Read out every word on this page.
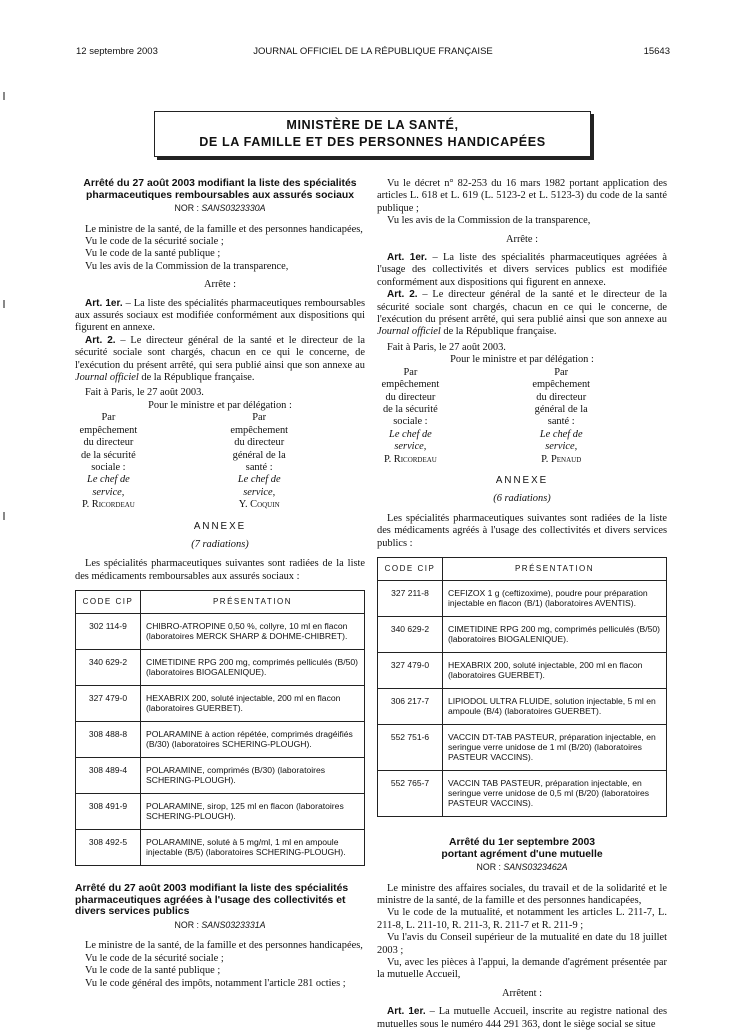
12 septembre 2003	JOURNAL OFFICIEL DE LA RÉPUBLIQUE FRANÇAISE	15643
MINISTÈRE DE LA SANTÉ,
DE LA FAMILLE ET DES PERSONNES HANDICAPÉES

Arrêté du 27 août 2003 modifiant la liste des spécialités pharmaceutiques remboursables aux assurés sociaux

NOR : SANS0323330A

Le ministre de la santé, de la famille et des personnes handicapées,

Vu le code de la sécurité sociale ;

Vu le code de la santé publique ;

Vu les avis de la Commission de la transparence,

Arrête :

Art. 1er. – La liste des spécialités pharmaceutiques remboursables aux assurés sociaux est modifiée conformément aux dispositions qui figurent en annexe.

Art. 2. – Le directeur général de la santé et le directeur de la sécurité sociale sont chargés, chacun en ce qui le concerne, de l'exécution du présent arrêté, qui sera publié ainsi que son annexe au Journal officiel de la République française.

Fait à Paris, le 27 août 2003.

Pour le ministre et par délégation :

Par empêchement du directeur
de la sécurité sociale :
Le chef de service,
P. Ricordeau
Par empêchement
du directeur général de la santé :
Le chef de service,
Y. Coquin
ANNEXE
(7 radiations)

Les spécialités pharmaceutiques suivantes sont radiées de la liste des médicaments remboursables aux assurés sociaux :

CODE CIP	PRÉSENTATION
302 114-9	CHIBRO-ATROPINE 0,50 %, collyre, 10 ml en flacon (laboratoires MERCK SHARP & DOHME-CHIBRET).
340 629-2	CIMETIDINE RPG 200 mg, comprimés pelliculés (B/50) (laboratoires BIOGALENIQUE).
327 479-0	HEXABRIX 200, soluté injectable, 200 ml en flacon (laboratoires GUERBET).
308 488-8	POLARAMINE à action répétée, comprimés dragéifiés (B/30) (laboratoires SCHERING-PLOUGH).
308 489-4	POLARAMINE, comprimés (B/30) (laboratoires SCHERING-PLOUGH).
308 491-9	POLARAMINE, sirop, 125 ml en flacon (laboratoires SCHERING-PLOUGH).
308 492-5	POLARAMINE, soluté à 5 mg/ml, 1 ml en ampoule injectable (B/5) (laboratoires SCHERING-PLOUGH).

Arrêté du 27 août 2003 modifiant la liste des spécialités pharmaceutiques agréées à l'usage des collectivités et divers services publics

NOR : SANS0323331A

Le ministre de la santé, de la famille et des personnes handicapées,

Vu le code de la sécurité sociale ;

Vu le code de la santé publique ;

Vu le code général des impôts, notamment l'article 281 octies ;

Vu le décret n° 82-253 du 16 mars 1982 portant application des articles L. 618 et L. 619 (L. 5123-2 et L. 5123-3) du code de la santé publique ;

Vu les avis de la Commission de la transparence,

Arrête :

Art. 1er. – La liste des spécialités pharmaceutiques agréées à l'usage des collectivités et divers services publics est modifiée conformément aux dispositions qui figurent en annexe.

Art. 2. – Le directeur général de la santé et le directeur de la sécurité sociale sont chargés, chacun en ce qui le concerne, de l'exécution du présent arrêté, qui sera publié ainsi que son annexe au Journal officiel de la République française.

Fait à Paris, le 27 août 2003.

Pour le ministre et par délégation :

Par empêchement du directeur
de la sécurité sociale :
Le chef de service,
P. Ricordeau
Par empêchement
du directeur général de la santé :
Le chef de service,
P. Penaud
ANNEXE
(6 radiations)

Les spécialités pharmaceutiques suivantes sont radiées de la liste des médicaments agréés à l'usage des collectivités et divers services publics :

CODE CIP	PRÉSENTATION
327 211-8	CEFIZOX 1 g (ceftizoxime), poudre pour préparation injectable en flacon (B/1) (laboratoires AVENTIS).
340 629-2	CIMETIDINE RPG 200 mg, comprimés pelliculés (B/50) (laboratoires BIOGALENIQUE).
327 479-0	HEXABRIX 200, soluté injectable, 200 ml en flacon (laboratoires GUERBET).
306 217-7	LIPIODOL ULTRA FLUIDE, solution injectable, 5 ml en ampoule (B/4) (laboratoires GUERBET).
552 751-6	VACCIN DT-TAB PASTEUR, préparation injectable, en seringue verre unidose de 1 ml (B/20) (laboratoires PASTEUR VACCINS).
552 765-7	VACCIN TAB PASTEUR, préparation injectable, en seringue verre unidose de 0,5 ml (B/20) (laboratoires PASTEUR VACCINS).

Arrêté du 1er septembre 2003

portant agrément d'une mutuelle

NOR : SANS0323462A

Le ministre des affaires sociales, du travail et de la solidarité et le ministre de la santé, de la famille et des personnes handicapées,

Vu le code de la mutualité, et notamment les articles L. 211-7, L. 211-8, L. 211-10, R. 211-3, R. 211-7 et R. 211-9 ;

Vu l'avis du Conseil supérieur de la mutualité en date du 18 juillet 2003 ;

Vu, avec les pièces à l'appui, la demande d'agrément présentée par la mutuelle Accueil,

Arrêtent :

Art. 1er. – La mutuelle Accueil, inscrite au registre national des mutuelles sous le numéro 444 291 363, dont le siège social se situe
